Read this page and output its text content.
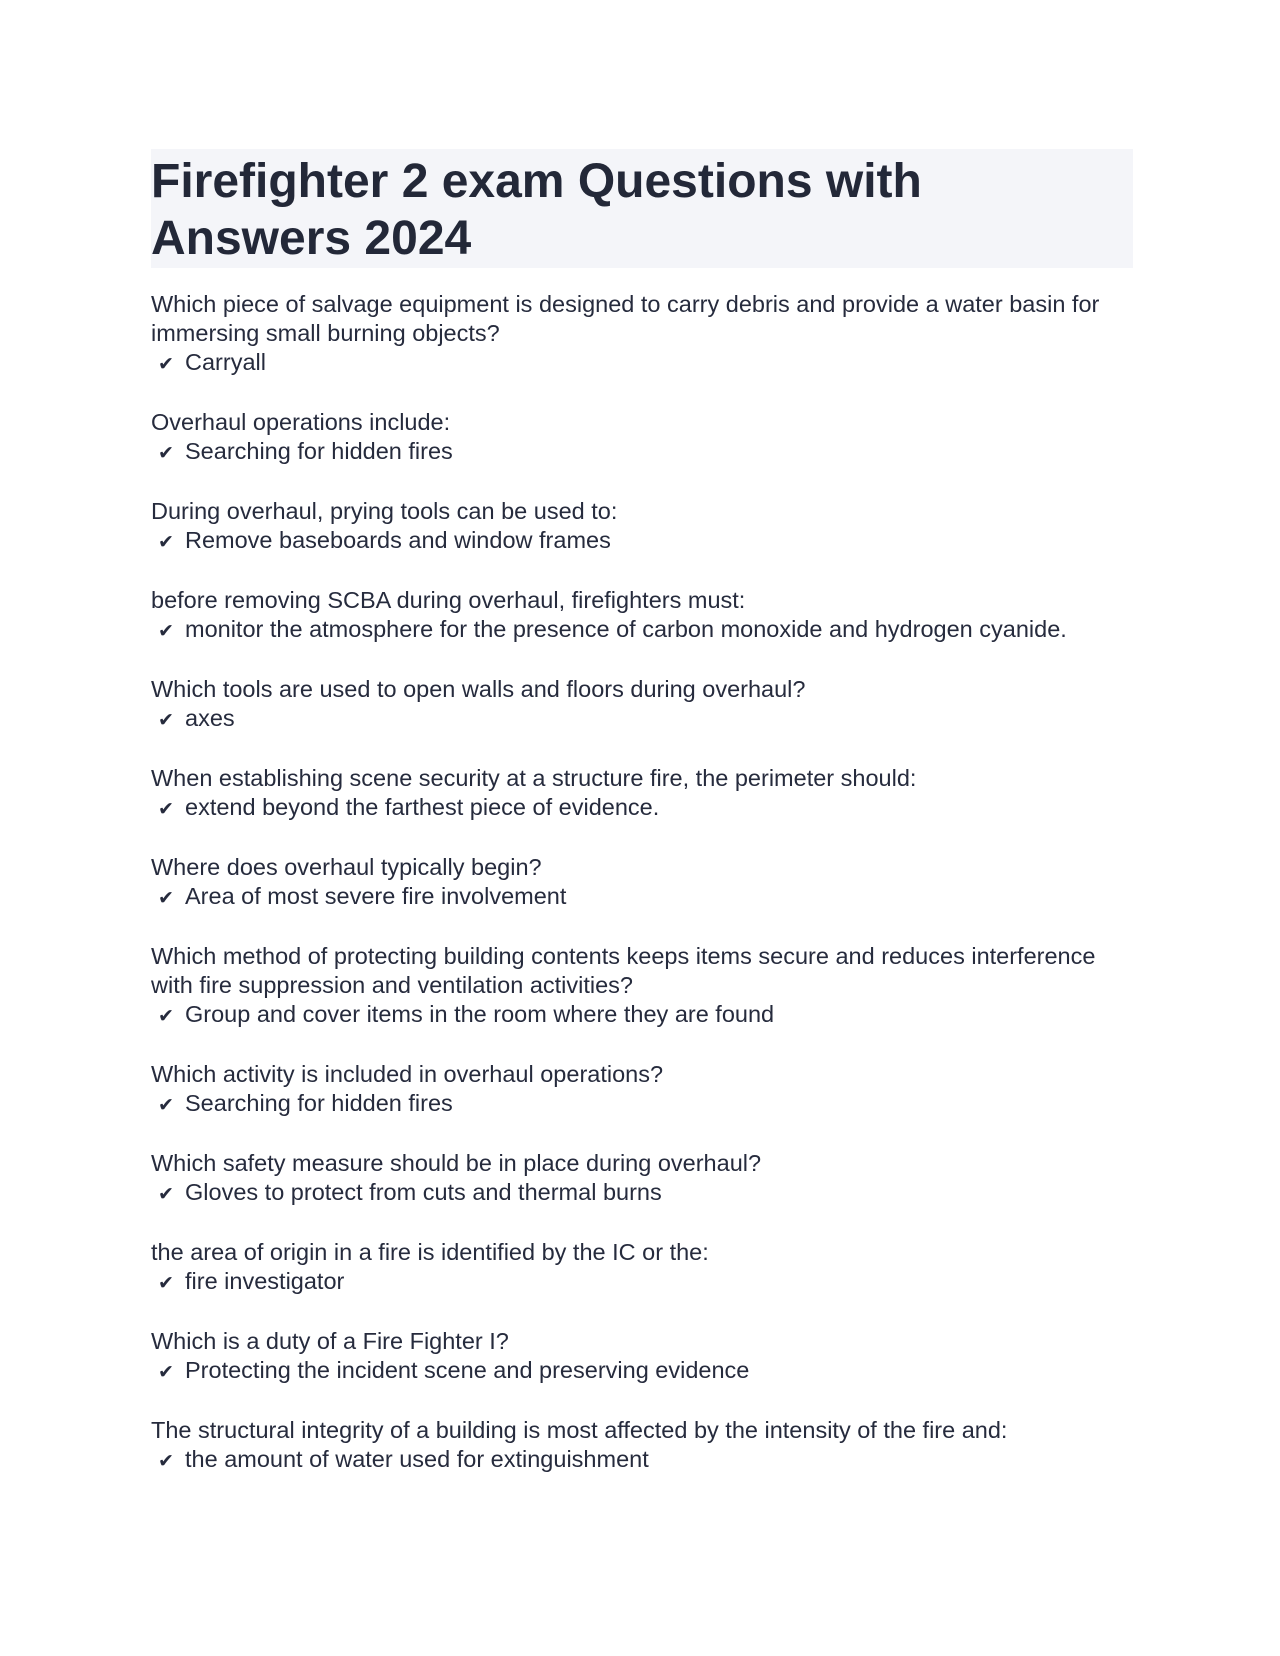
Firefighter 2 exam Questions with Answers 2024
Which piece of salvage equipment is designed to carry debris and provide a water basin for immersing small burning objects?
✔ Carryall
Overhaul operations include:
✔ Searching for hidden fires
During overhaul, prying tools can be used to:
✔ Remove baseboards and window frames
before removing SCBA during overhaul, firefighters must:
✔ monitor the atmosphere for the presence of carbon monoxide and hydrogen cyanide.
Which tools are used to open walls and floors during overhaul?
✔ axes
When establishing scene security at a structure fire, the perimeter should:
✔ extend beyond the farthest piece of evidence.
Where does overhaul typically begin?
✔ Area of most severe fire involvement
Which method of protecting building contents keeps items secure and reduces interference with fire suppression and ventilation activities?
✔ Group and cover items in the room where they are found
Which activity is included in overhaul operations?
✔ Searching for hidden fires
Which safety measure should be in place during overhaul?
✔ Gloves to protect from cuts and thermal burns
the area of origin in a fire is identified by the IC or the:
✔ fire investigator
Which is a duty of a Fire Fighter I?
✔ Protecting the incident scene and preserving evidence
The structural integrity of a building is most affected by the intensity of the fire and:
✔ the amount of water used for extinguishment
